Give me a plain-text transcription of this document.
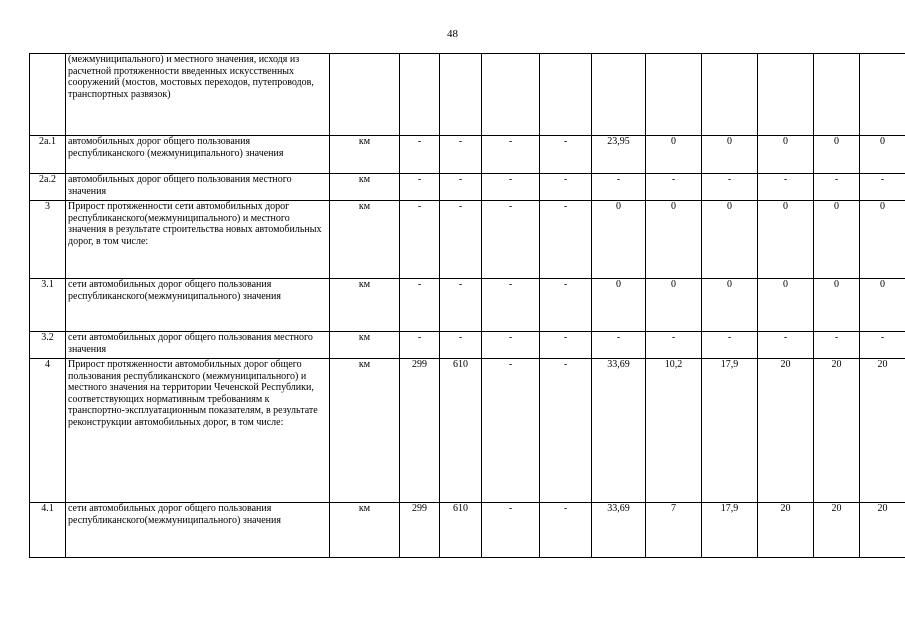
48
	(межмуниципального) и местного значения, исходя из расчетной протяженности введенных искусственных сооружений (мостов, мостовых переходов, путепроводов, транспортных развязок)											
2а.1	автомобильных дорог общего пользования республиканского (межмуниципального) значения	км	-	-	-	-	23,95	0	0	0	0	0
2а.2	автомобильных дорог общего пользования местного значения	км	-	-	-	-	-	-	-	-	-	-
3	Прирост протяженности сети автомобильных дорог республиканского(межмуниципального) и местного значения в результате строительства новых автомобильных дорог, в том числе:	км	-	-	-	-	0	0	0	0	0	0
3.1	сети автомобильных дорог общего пользования республиканского(межмуниципального) значения	км	-	-	-	-	0	0	0	0	0	0
3.2	сети автомобильных дорог общего пользования местного значения	км	-	-	-	-	-	-	-	-	-	-
4	Прирост протяженности автомобильных дорог общего пользования республиканского (межмуниципального) и местного значения на территории Чеченской Республики, соответствующих нормативным требованиям к транспортно-эксплуатационным показателям, в результате реконструкции автомобильных дорог, в том числе:	км	299	610	-	-	33,69	10,2	17,9	20	20	20
4.1	сети автомобильных дорог общего пользования республиканского(межмуниципального) значения	км	299	610	-	-	33,69	7	17,9	20	20	20
